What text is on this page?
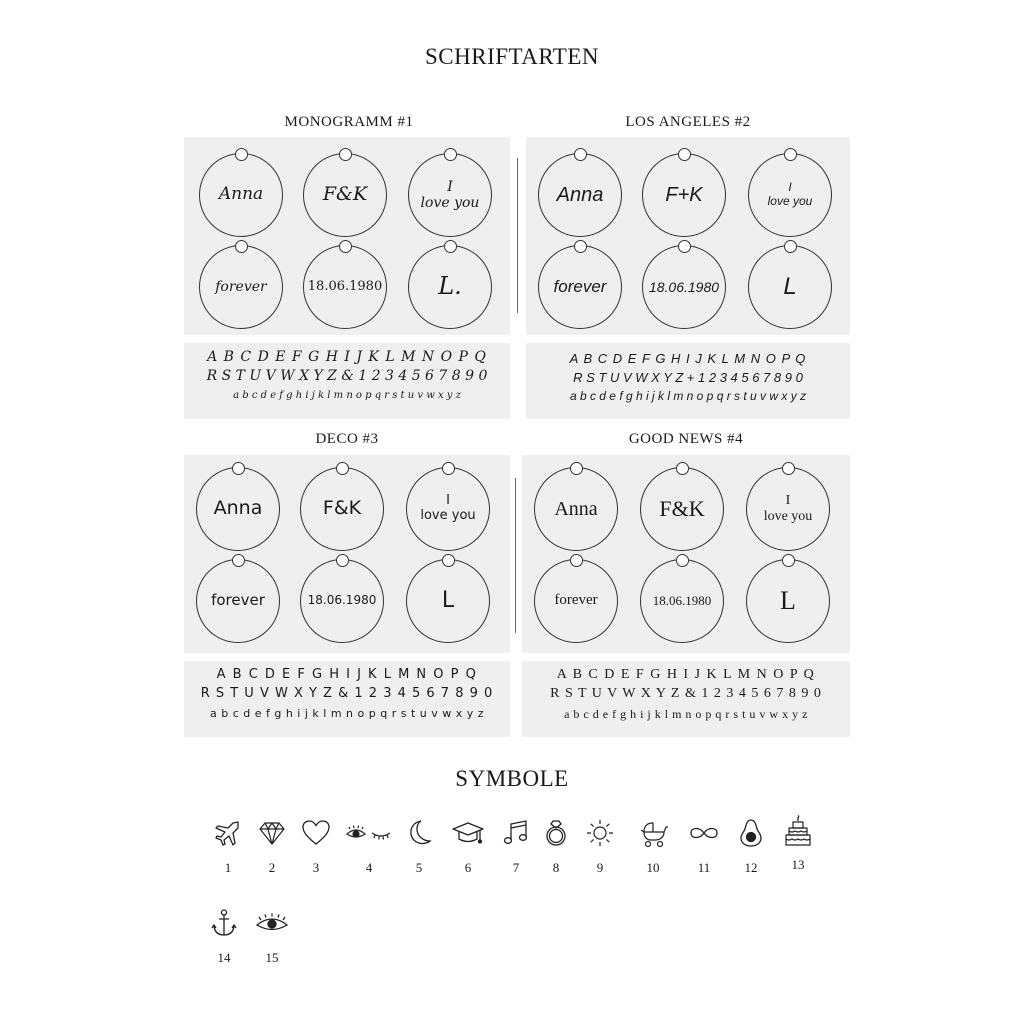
SCHRIFTARTEN
MONOGRAMM #1
Anna	F&K	I
love you
forever	18.06.1980 L.
A B C D E F G H I J K L M N O P Q
R S T U V W X Y Z & 1 2 3 4 5 6 7 8 9 0
a b c d e f g h i j k l m n o p q r s t u v w x y z
LOS ANGELES #2
Anna	F+K	I
love you
forever	18.06.1980	L
A B C D E F G H I J K L M N O P Q
R S T U V W X Y Z + 1 2 3 4 5 6 7 8 9 0
a b c d e f g h i j k l m n o p q r s t u v w x y z
DECO #3
Anna	F&K	I
love you
forever	18.06.1980	L
A B C D E F G H I J K L M N O P Q
R S T U V W X Y Z & 1 2 3 4 5 6 7 8 9 0
a b c d e f g h i j k l m n o p q r s t u v w x y z
GOOD NEWS #4
Anna	F&K	I
love you
forever	18.06.1980	L
A B C D E F G H I J K L M N O P Q
R S T U V W X Y Z & 1 2 3 4 5 6 7 8 9 0
a b c d e f g h i j k l m n o p q r s t u v w x y z
SYMBOLE
1	2	3	4	5	6	7	8	9	10	11	12	13
14	15
